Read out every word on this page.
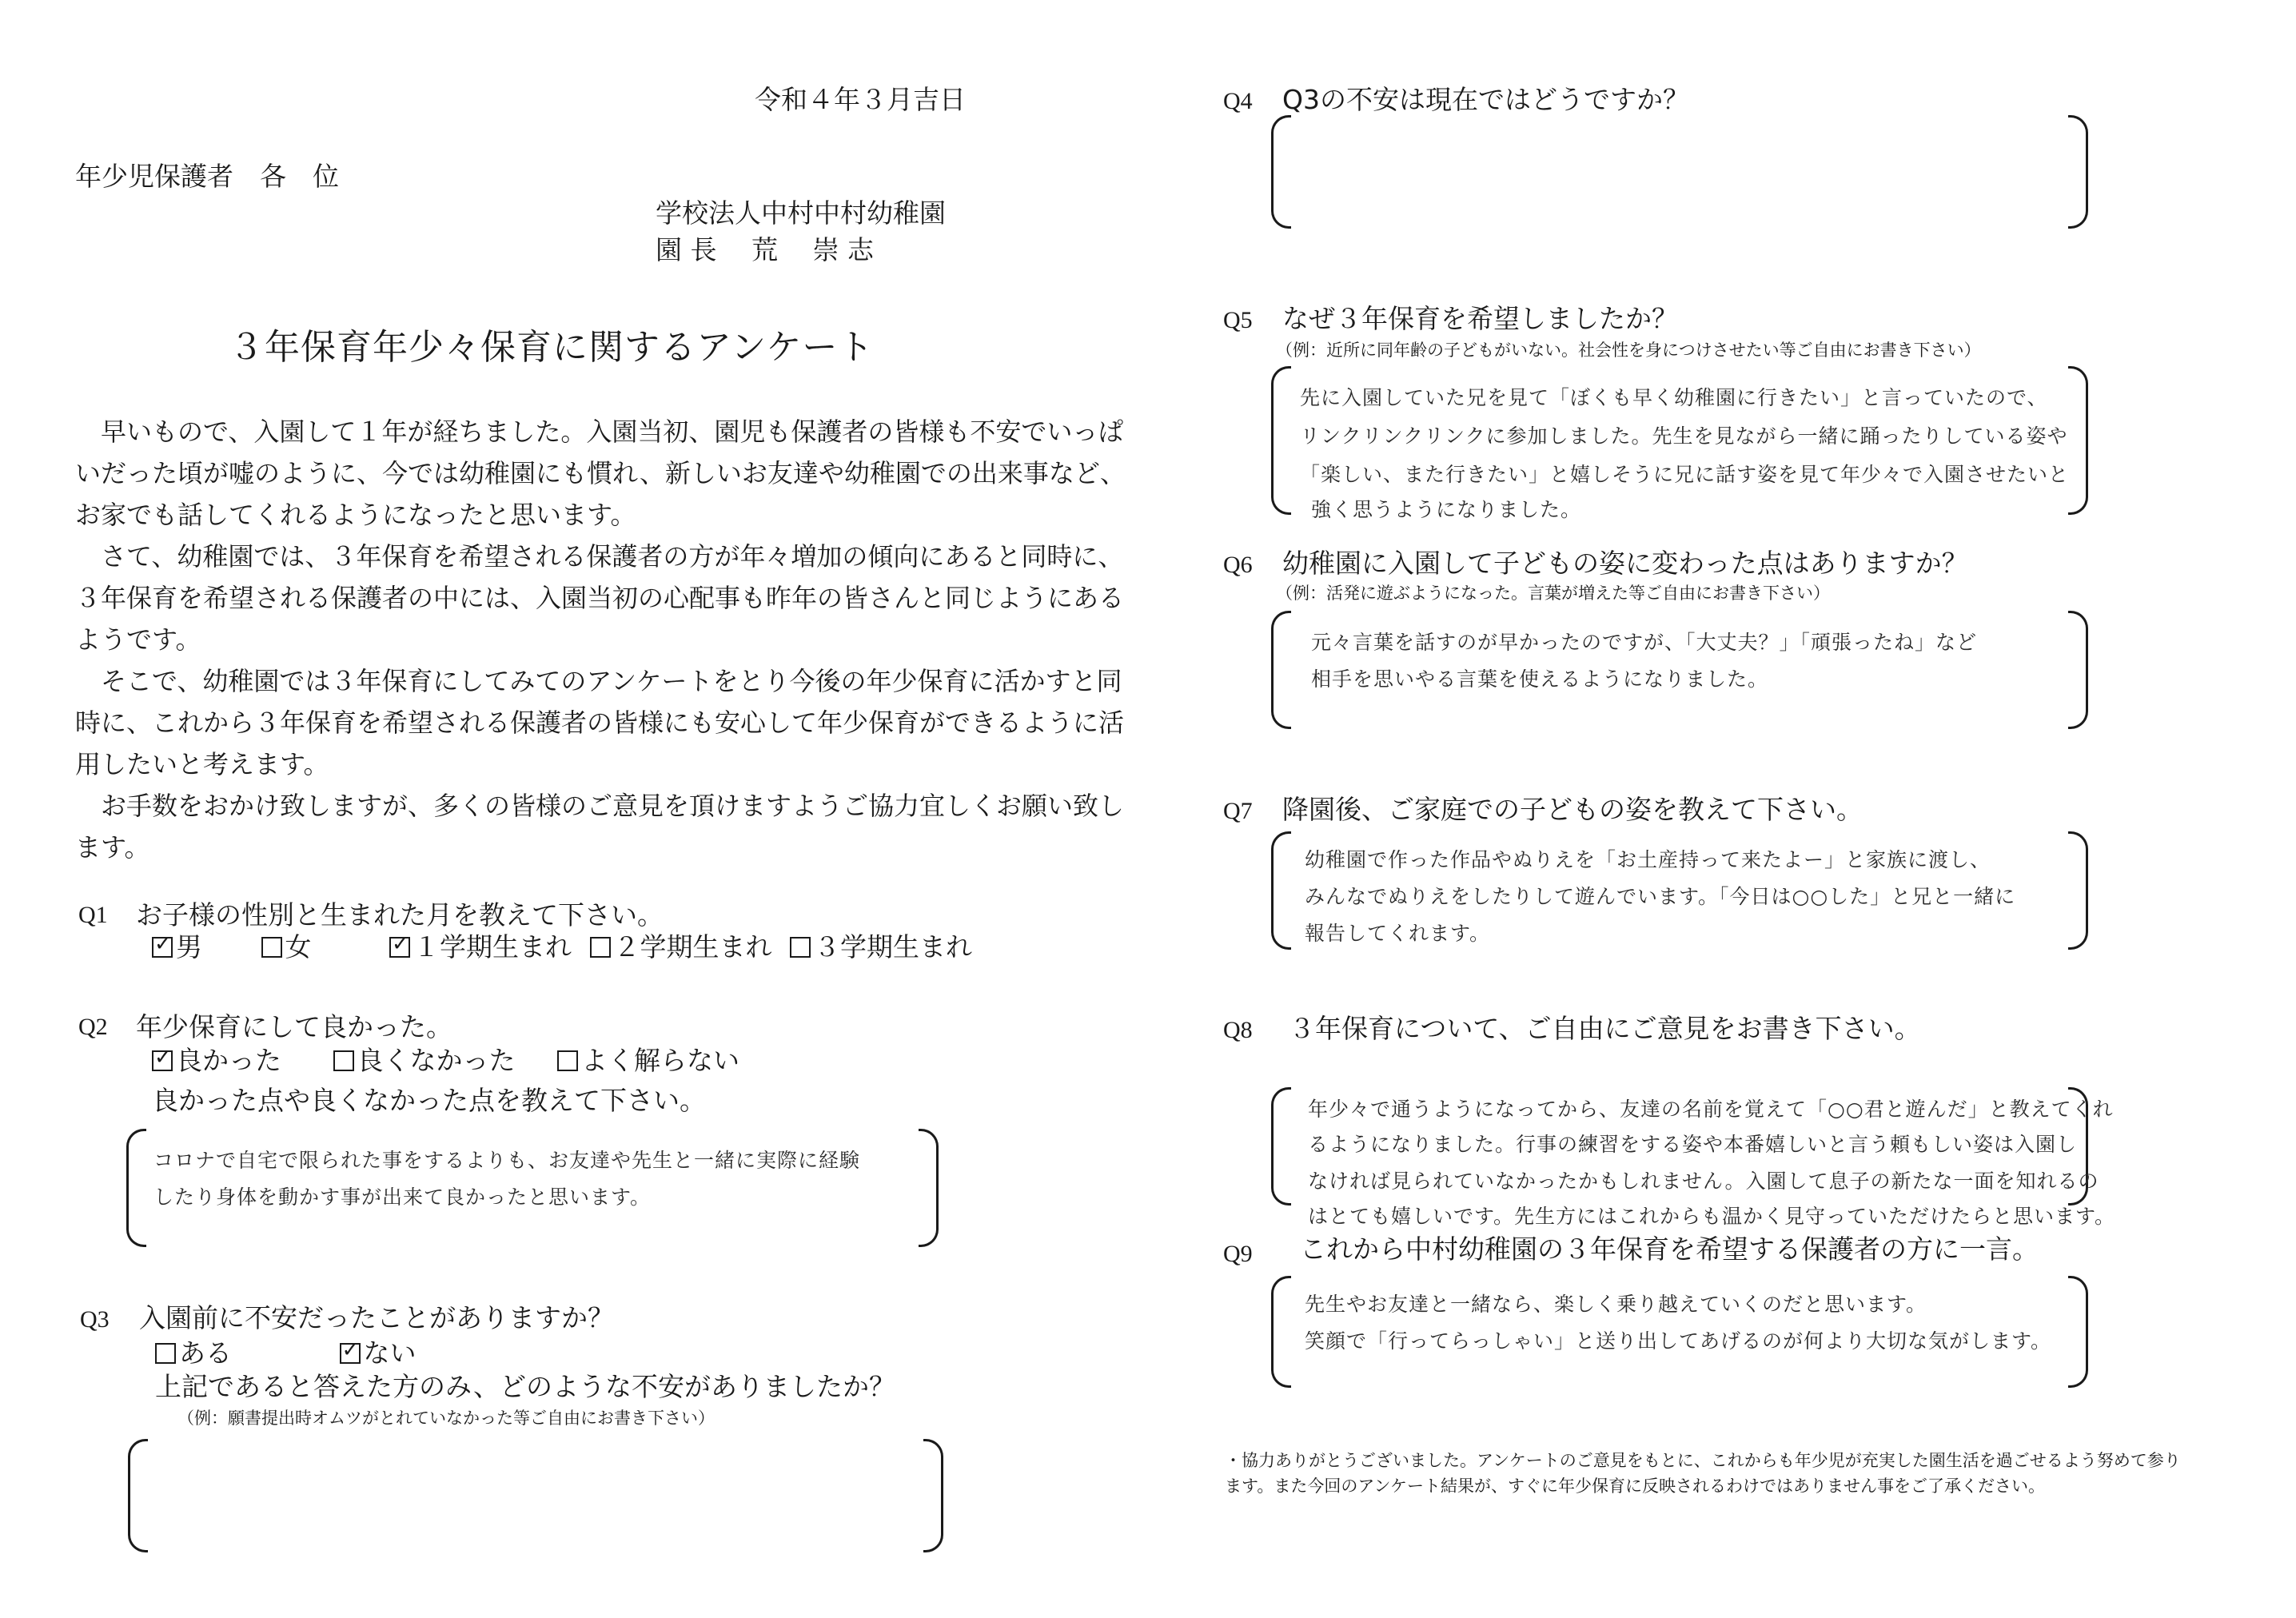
令和４年３月吉日
年少児保護者　各　位
学校法人中村中村幼稚園
園 長　 荒　 崇 志
３年保育年少々保育に関するアンケート
　早いもので、入園して１年が経ちました。入園当初、園児も保護者の皆様も不安でいっぱ
いだった頃が嘘のように、今では幼稚園にも慣れ、新しいお友達や幼稚園での出来事など、
お家でも話してくれるようになったと思います。
　さて、幼稚園では、３年保育を希望される保護者の方が年々増加の傾向にあると同時に、
３年保育を希望される保護者の中には、入園当初の心配事も昨年の皆さんと同じようにある
ようです。
　そこで、幼稚園では３年保育にしてみてのアンケートをとり今後の年少保育に活かすと同
時に、これから３年保育を希望される保護者の皆様にも安心して年少保育ができるように活
用したいと考えます。
　お手数をおかけ致しますが、多くの皆様のご意見を頂けますようご協力宜しくお願い致し
ます。
Q1 お子様の性別と生まれた月を教えて下さい。
✓男	女 ✓	１学期生まれ ２学期生まれ ３学期生まれ
Q2 年少保育にして良かった。
✓良かった	良くなかった	よく解らない
良かった点や良くなかった点を教えて下さい。
コロナで自宅で限られた事をするよりも、お友達や先生と一緒に実際に経験
したり身体を動かす事が出来て良かったと思います。
Q3 入園前に不安だったことがありますか？
ある ✓	ない
上記であると答えた方のみ、どのような不安がありましたか？
（例：願書提出時オムツがとれていなかった等ご自由にお書き下さい）
Q4 Q3の不安は現在ではどうですか？
Q5 なぜ３年保育を希望しましたか？
（例：近所に同年齢の子どもがいない。社会性を身につけさせたい等ご自由にお書き下さい）
先に入園していた兄を見て「ぼくも早く幼稚園に行きたい」と言っていたので、
リンクリンクリンクに参加しました。先生を見ながら一緒に踊ったりしている姿や
「楽しい、また行きたい」と嬉しそうに兄に話す姿を見て年少々で入園させたいと
強く思うようになりました。
Q6 幼稚園に入園して子どもの姿に変わった点はありますか？
（例：活発に遊ぶようになった。言葉が増えた等ご自由にお書き下さい）
元々言葉を話すのが早かったのですが、「大丈夫？」「頑張ったね」など
相手を思いやる言葉を使えるようになりました。
Q7 降園後、ご家庭での子どもの姿を教えて下さい。
幼稚園で作った作品やぬりえを「お土産持って来たよー」と家族に渡し、
みんなでぬりえをしたりして遊んでいます。「今日は○○した」と兄と一緒に
報告してくれます。
Q8 ３年保育について、ご自由にご意見をお書き下さい。
年少々で通うようになってから、友達の名前を覚えて「○○君と遊んだ」と教えてくれ
るようになりました。行事の練習をする姿や本番嬉しいと言う頼もしい姿は入園し
なければ見られていなかったかもしれません。入園して息子の新たな一面を知れるの
はとても嬉しいです。先生方にはこれからも温かく見守っていただけたらと思います。
Q9 これから中村幼稚園の３年保育を希望する保護者の方に一言。
先生やお友達と一緒なら、楽しく乗り越えていくのだと思います。
笑顔で「行ってらっしゃい」と送り出してあげるのが何より大切な気がします。
・協力ありがとうございました。アンケートのご意見をもとに、これからも年少児が充実した園生活を過ごせるよう努めて参り
ます。また今回のアンケート結果が、すぐに年少保育に反映されるわけではありません事をご了承ください。
